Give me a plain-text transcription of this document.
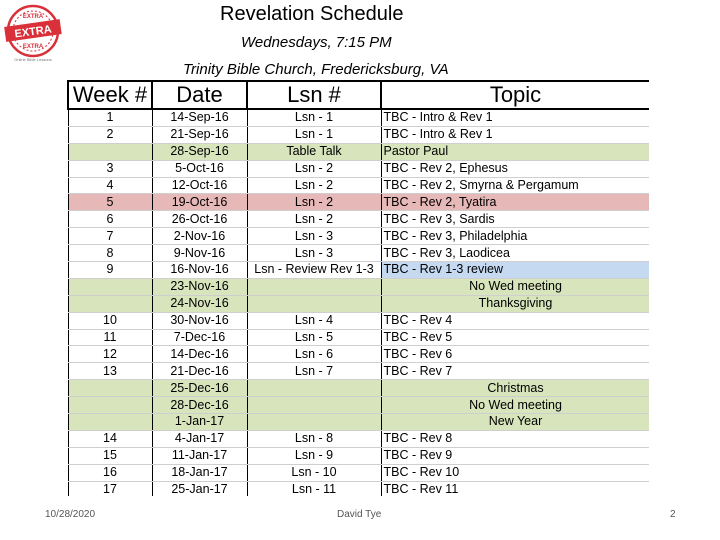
EXTRA
EXTRA
EXTRA
Online Bible Lessons
Revelation Schedule
Wednesdays, 7:15 PM
Trinity Bible Church, Fredericksburg, VA
Week #	Date	Lsn #	Topic
1	14-Sep-16	Lsn - 1	TBC - Intro & Rev 1
2	21-Sep-16	Lsn - 1	TBC - Intro & Rev 1
	28-Sep-16	Table Talk	Pastor Paul
3	5-Oct-16	Lsn - 2	TBC - Rev 2, Ephesus
4	12-Oct-16	Lsn - 2	TBC - Rev 2, Smyrna & Pergamum
5	19-Oct-16	Lsn - 2	TBC - Rev 2, Tyatira
6	26-Oct-16	Lsn - 2	TBC - Rev 3, Sardis
7	2-Nov-16	Lsn - 3	TBC - Rev 3, Philadelphia
8	9-Nov-16	Lsn - 3	TBC - Rev 3, Laodicea
9	16-Nov-16	Lsn - Review Rev 1-3	TBC - Rev 1-3 review
	23-Nov-16		No Wed meeting
	24-Nov-16		Thanksgiving
10	30-Nov-16	Lsn - 4	TBC - Rev 4
11	7-Dec-16	Lsn - 5	TBC - Rev 5
12	14-Dec-16	Lsn - 6	TBC - Rev 6
13	21-Dec-16	Lsn - 7	TBC - Rev 7
	25-Dec-16		Christmas
	28-Dec-16		No Wed meeting
	1-Jan-17		New Year
14	4-Jan-17	Lsn - 8	TBC - Rev 8
15	11-Jan-17	Lsn - 9	TBC - Rev 9
16	18-Jan-17	Lsn - 10	TBC - Rev 10
17	25-Jan-17	Lsn - 11	TBC - Rev 11
10/28/2020	David Tye	2
